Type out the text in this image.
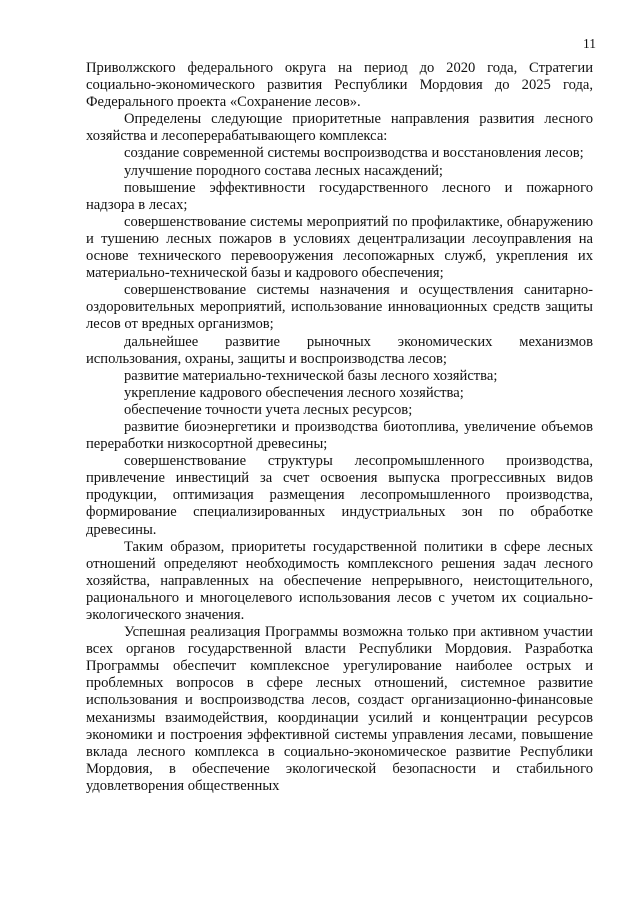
11

Приволжского федерального округа на период до 2020 года, Стратегии социально-экономического развития Республики Мордовия до 2025 года, Федерального проекта «Сохранение лесов».

Определены следующие приоритетные направления развития лесного хозяйства и лесоперерабатывающего комплекса:

создание современной системы воспроизводства и восстановления лесов;

улучшение породного состава лесных насаждений;

повышение эффективности государственного лесного и пожарного надзора в лесах;

совершенствование системы мероприятий по профилактике, обнаружению и тушению лесных пожаров в условиях децентрализации лесоуправления на основе технического перевооружения лесопожарных служб, укрепления их материально-технической базы и кадрового обеспечения;

совершенствование системы назначения и осуществления санитарно-оздоровительных мероприятий, использование инновационных средств защиты лесов от вредных организмов;

дальнейшее развитие рыночных экономических механизмов использования, охраны, защиты и воспроизводства лесов;

развитие материально-технической базы лесного хозяйства;

укрепление кадрового обеспечения лесного хозяйства;

обеспечение точности учета лесных ресурсов;

развитие биоэнергетики и производства биотоплива, увеличение объемов переработки низкосортной древесины;

совершенствование структуры лесопромышленного производства, привлечение инвестиций за счет освоения выпуска прогрессивных видов продукции, оптимизация размещения лесопромышленного производства, формирование специализированных индустриальных зон по обработке древесины.

Таким образом, приоритеты государственной политики в сфере лесных отношений определяют необходимость комплексного решения задач лесного хозяйства, направленных на обеспечение непрерывного, неистощительного, рационального и многоцелевого использования лесов с учетом их социально-экологического значения.

Успешная реализация Программы возможна только при активном участии всех органов государственной власти Республики Мордовия. Разработка Программы обеспечит комплексное урегулирование наиболее острых и проблемных вопросов в сфере лесных отношений, системное развитие использования и воспроизводства лесов, создаст организационно-финансовые механизмы взаимодействия, координации усилий и концентрации ресурсов экономики и построения эффективной системы управления лесами, повышение вклада лесного комплекса в социально-экономическое развитие Республики Мордовия, в обеспечение экологической безопасности и стабильного удовлетворения общественных
